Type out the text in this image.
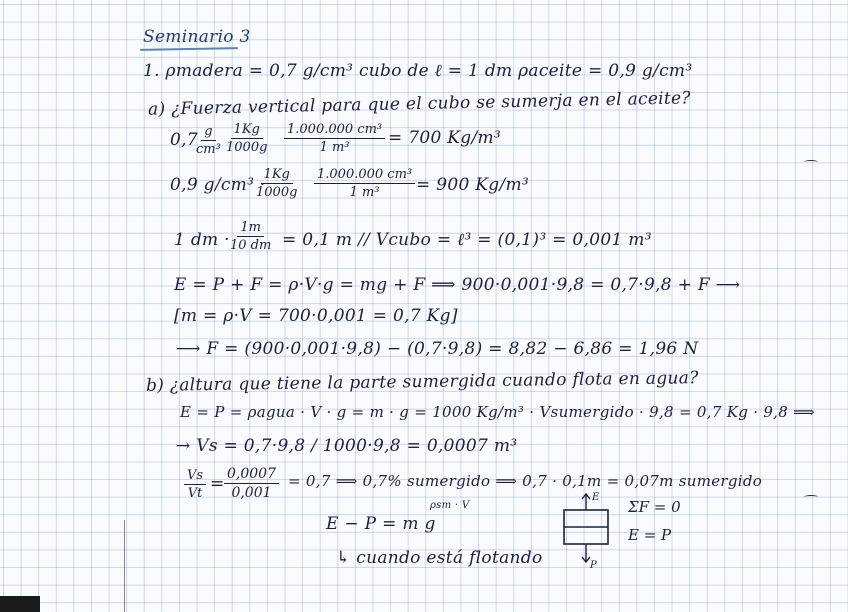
Seminario 3
1. ρmadera = 0,7 g/cm³ cubo de ℓ = 1 dm ρaceite = 0,9 g/cm³
a) ¿Fuerza vertical para que el cubo se sumerja en el aceite?
0,7
$\frac{g}{\text{cm³}} \frac{1Kg}{1000g} \frac{\text{1.000.000 cm³}}{\text{1 m³}} = 700$ Kg/m³
0,9 g/cm³ ·
$\frac{1Kg}{1000g} \frac{\text{1.000.000 cm³}}{\text{1 m³}} = 900$ Kg/m³
1 dm · $\frac{1m}{10 dm} = 0,1$ m // Vcubo = ℓ³ = (0,1)³ = 0,001 m³
E = P + F = ρ·V·g = mg + F ⟹ 900·0,001·9,8 = 0,7·9,8 + F ⟶
[m = ρ·V = 700·0,001 = 0,7 Kg]
⟶ F = (900·0,001·9,8) − (0,7·9,8) = 8,82 − 6,86 = 1,96 N
b) ¿altura que tiene la parte sumergida cuando flota en agua?
E = P = ρagua · V · g = m · g = 1000 Kg/m³ · Vsumergido · 9,8 = 0,7 Kg · 9,8 ⟹
→ Vs = 0,7·9,8 / 1000·9,8 = 0,0007 m³
$\frac{Vs}{Vt} = \frac{0,0007}{0,001} = 0,7$ ⟹ 0,7% sumergido ⟹ 0,7 · 0,1m = 0,07m sumergido
ρsm · V
E − P = m g
↳ cuando está flotando
E
P
ΣF = 0
E = P
